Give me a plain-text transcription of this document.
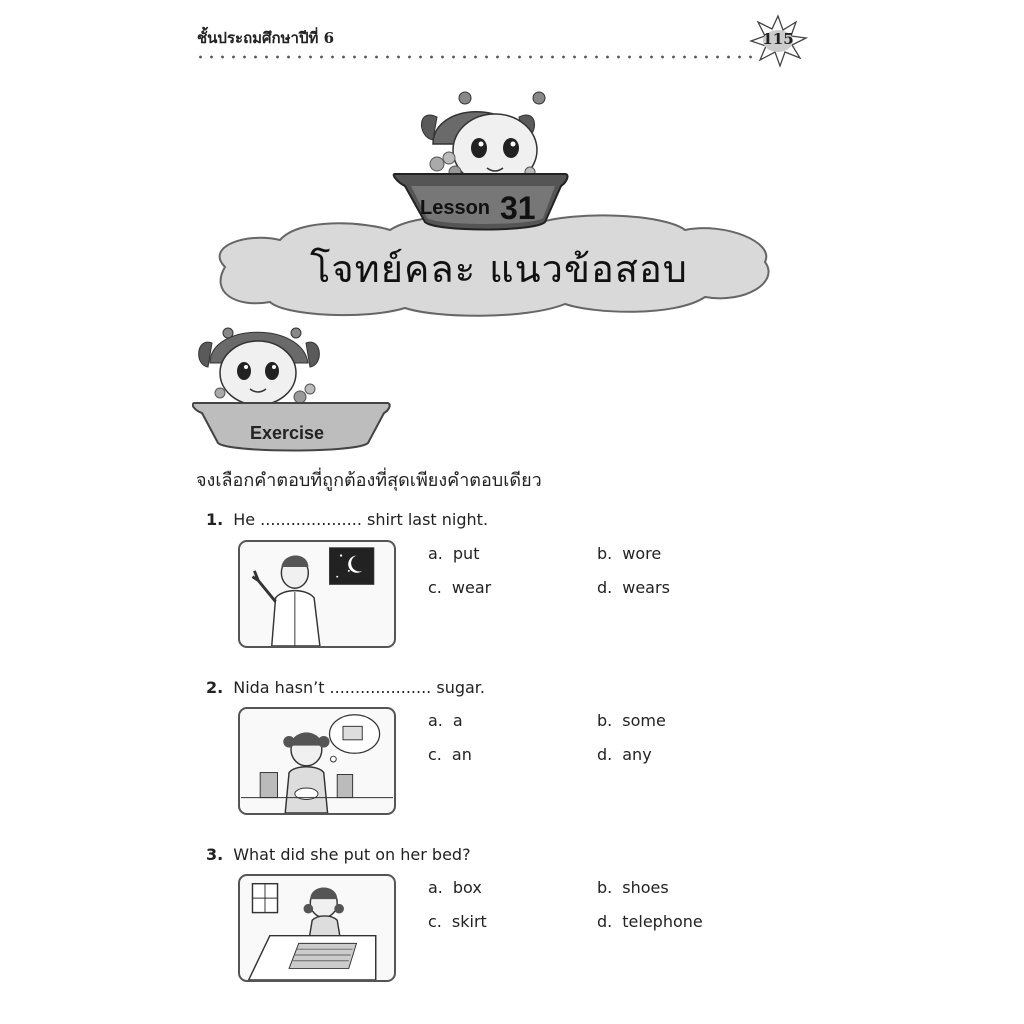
ชั้นประถมศึกษาปีที่ 6	115
Lesson 31
โจทย์คละ แนวข้อสอบ
Exercise
จงเลือกคำตอบที่ถูกต้องที่สุดเพียงคำตอบเดียว
1. He .................... shirt last night.
a. put	b. wore
c. wear	d. wears
2. Nida hasn’t .................... sugar.
a. a	b. some
c. an	d. any
3. What did she put on her bed?
a. box	b. shoes
c. skirt	d. telephone
